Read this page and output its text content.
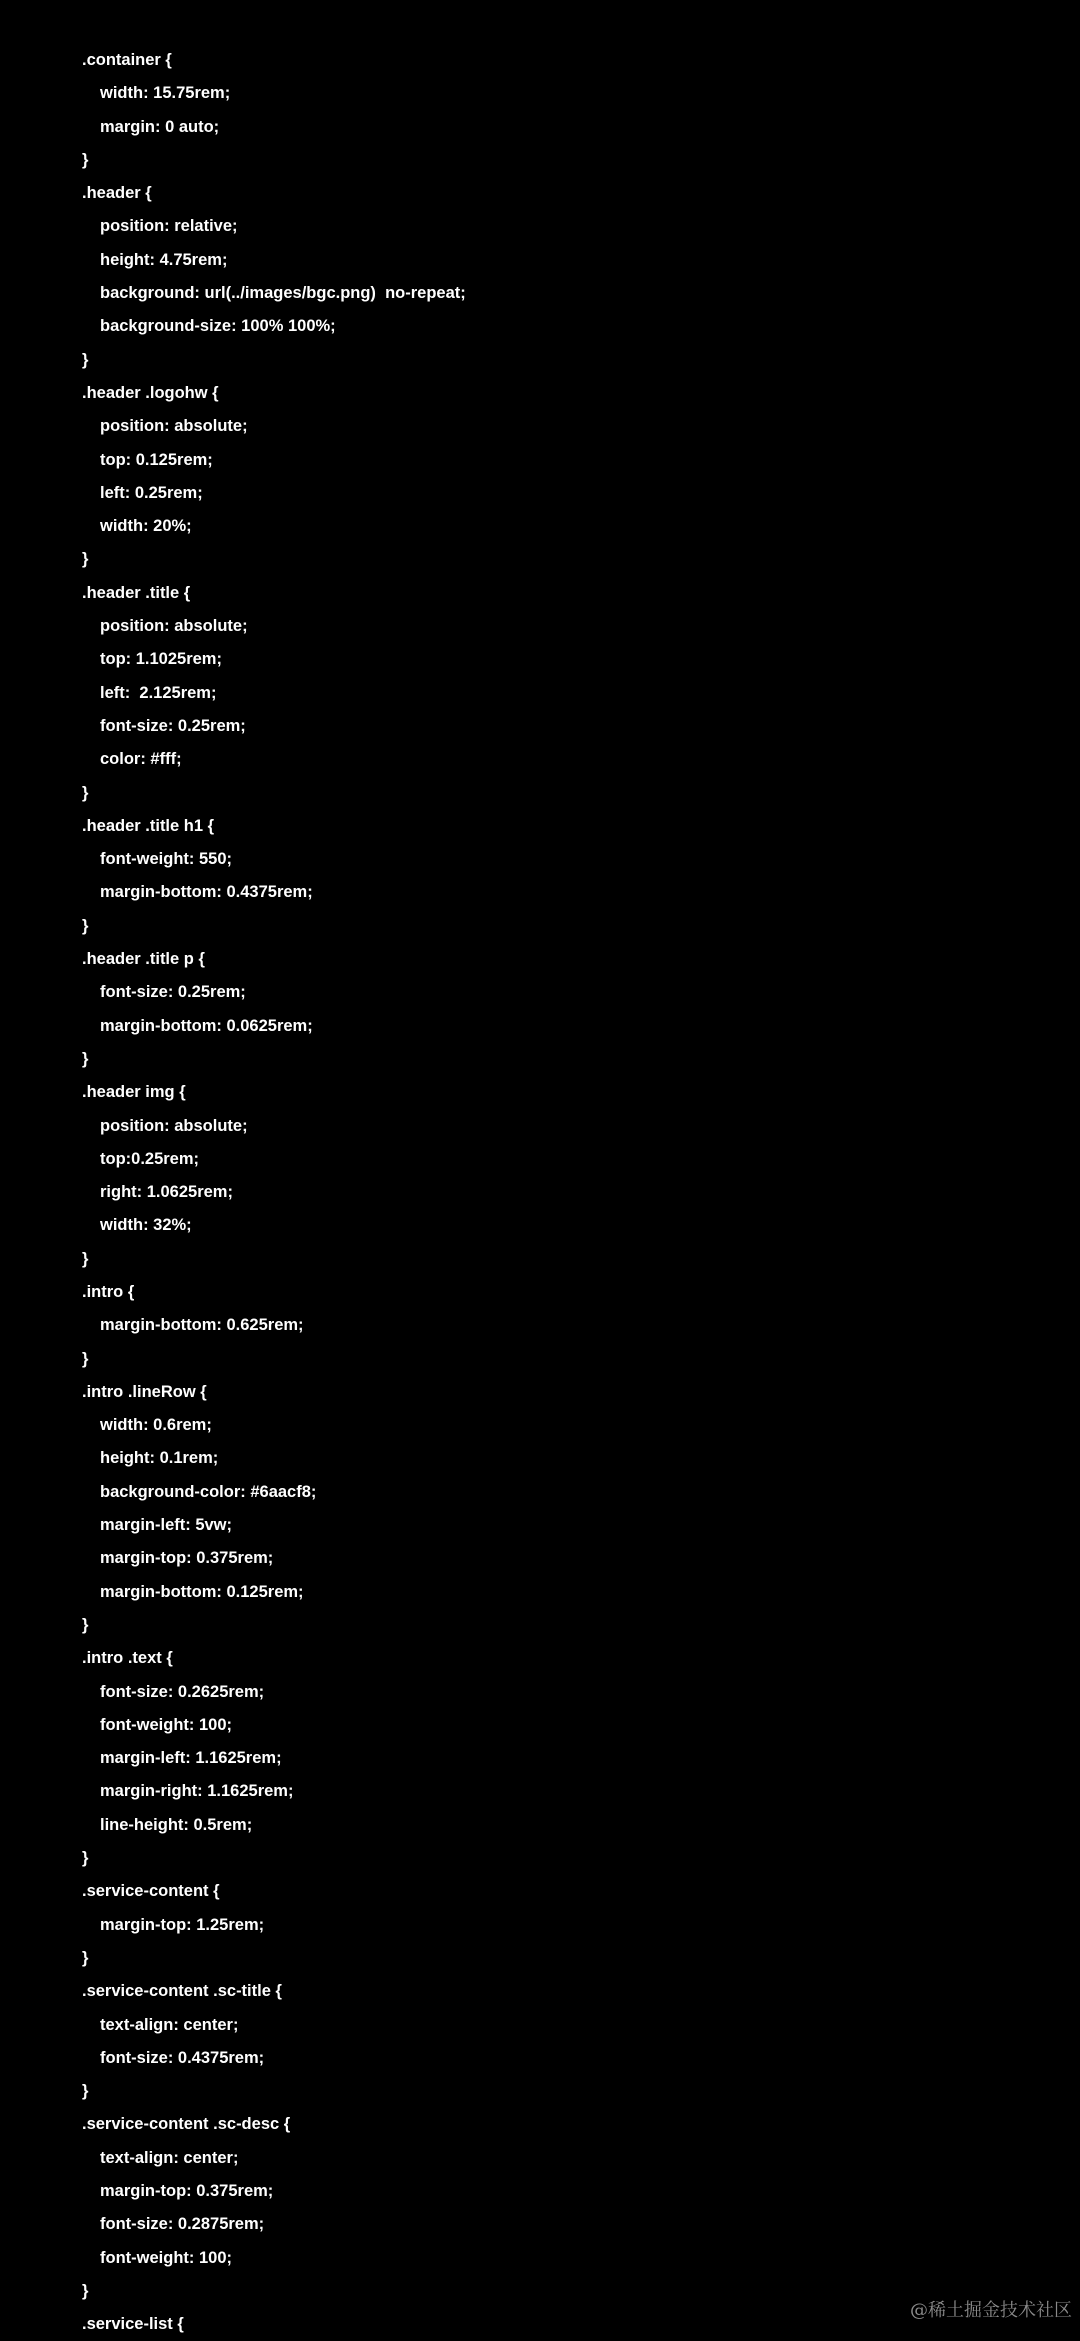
.container {
width: 15.75rem;
margin: 0 auto;
}
.header {
position: relative;
height: 4.75rem;
background: url(../images/bgc.png)  no-repeat;
background-size: 100% 100%;
}
.header .logohw {
position: absolute;
top: 0.125rem;
left: 0.25rem;
width: 20%;
}
.header .title {
position: absolute;
top: 1.1025rem;
left:  2.125rem;
font-size: 0.25rem;
color: #fff;
}
.header .title h1 {
font-weight: 550;
margin-bottom: 0.4375rem;
}
.header .title p {
font-size: 0.25rem;
margin-bottom: 0.0625rem;
}
.header img {
position: absolute;
top:0.25rem;
right: 1.0625rem;
width: 32%;
}
.intro {
margin-bottom: 0.625rem;
}
.intro .lineRow {
width: 0.6rem;
height: 0.1rem;
background-color: #6aacf8;
margin-left: 5vw;
margin-top: 0.375rem;
margin-bottom: 0.125rem;
}
.intro .text {
font-size: 0.2625rem;
font-weight: 100;
margin-left: 1.1625rem;
margin-right: 1.1625rem;
line-height: 0.5rem;
}
.service-content {
margin-top: 1.25rem;
}
.service-content .sc-title {
text-align: center;
font-size: 0.4375rem;
}
.service-content .sc-desc {
text-align: center;
margin-top: 0.375rem;
font-size: 0.2875rem;
font-weight: 100;
}
.service-list {
@稀土掘金技术社区
